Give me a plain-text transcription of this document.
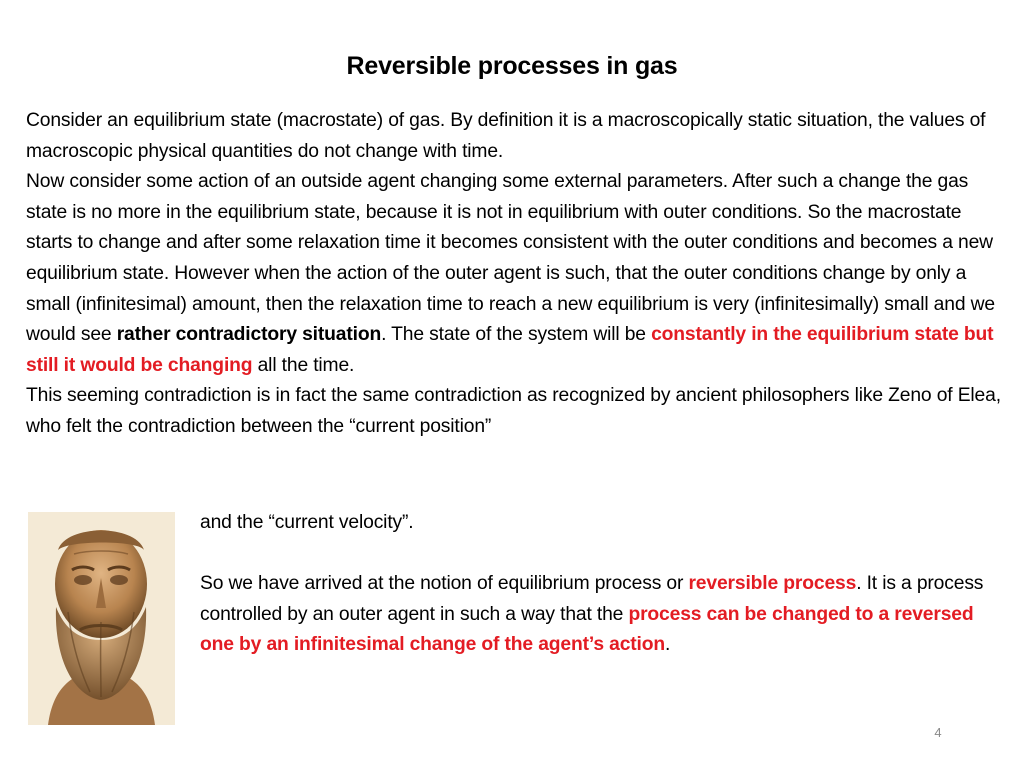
Reversible processes in gas

Consider an equilibrium state (macrostate) of gas. By definition it is a macroscopically static situation, the values of macroscopic physical quantities do not change with time.

Now consider some action of an outside agent changing some external parameters. After such a change the gas state is no more in the equilibrium state, because it is not in equilibrium with outer conditions. So the macrostate starts to change and after some relaxation time it becomes consistent with the outer conditions and becomes a new equilibrium state. However when the action of the outer agent is such, that the outer conditions change by only a small (infinitesimal) amount, then the relaxation time to reach a new equilibrium is very (infinitesimally) small and we would see rather contradictory situation. The state of the system will be constantly in the equilibrium state but still it would be changing all the time.

This seeming contradiction is in fact the same contradiction as recognized by ancient philosophers like Zeno of Elea, who felt the contradiction between the “current position”

and the “current velocity”.

So we have arrived at the notion of equilibrium process or reversible process. It is a process controlled by an outer agent in such a way that the process can be changed to a reversed one by an infinitesimal change of the agent’s action.

4
